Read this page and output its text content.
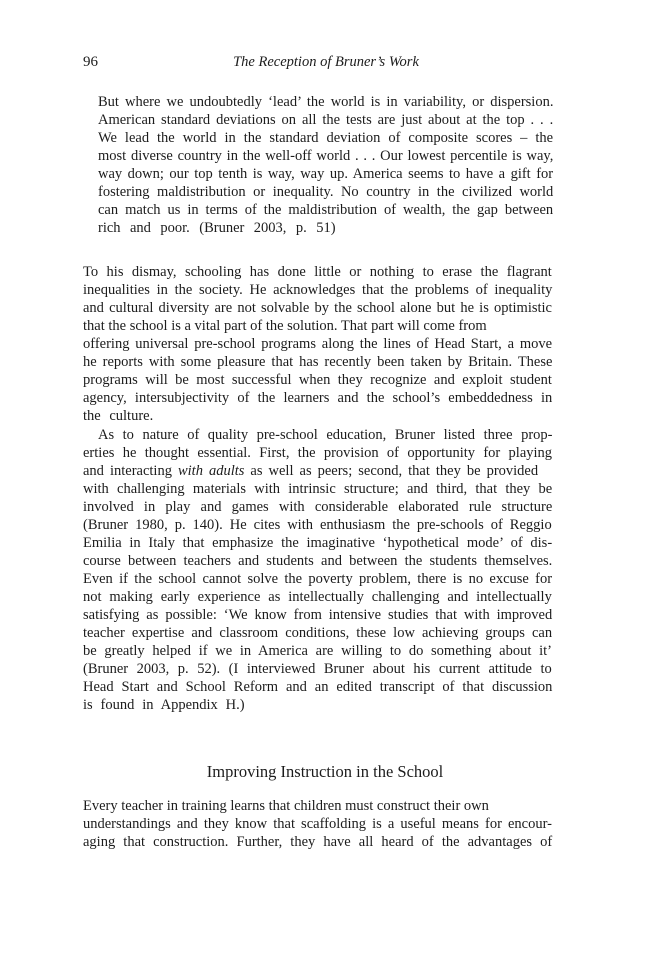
96	The Reception of Bruner’s Work
But where we undoubtedly ‘lead’ the world is in variability, or dispersion.
American standard deviations on all the tests are just about at the top . . .
We lead the world in the standard deviation of composite scores – the
most diverse country in the well-off world . . . Our lowest percentile is way,
way down; our top tenth is way, way up. America seems to have a gift for
fostering maldistribution or inequality. No country in the civilized world
can match us in terms of the maldistribution of wealth, the gap between
rich and poor. (Bruner 2003, p. 51)
To his dismay, schooling has done little or nothing to erase the flagrant
inequalities in the society. He acknowledges that the problems of inequality
and cultural diversity are not solvable by the school alone but he is optimistic
that the school is a vital part of the solution. That part will come from
offering universal pre-school programs along the lines of Head Start, a move
he reports with some pleasure that has recently been taken by Britain. These
programs will be most successful when they recognize and exploit student
agency, intersubjectivity of the learners and the school’s embeddedness in
the culture.
As to nature of quality pre-school education, Bruner listed three prop-
erties he thought essential. First, the provision of opportunity for playing
and interacting with adults as well as peers; second, that they be provided
with challenging materials with intrinsic structure; and third, that they be
involved in play and games with considerable elaborated rule structure
(Bruner 1980, p. 140). He cites with enthusiasm the pre-schools of Reggio
Emilia in Italy that emphasize the imaginative ‘hypothetical mode’ of dis-
course between teachers and students and between the students themselves.
Even if the school cannot solve the poverty problem, there is no excuse for
not making early experience as intellectually challenging and intellectually
satisfying as possible: ‘We know from intensive studies that with improved
teacher expertise and classroom conditions, these low achieving groups can
be greatly helped if we in America are willing to do something about it’
(Bruner 2003, p. 52). (I interviewed Bruner about his current attitude to
Head Start and School Reform and an edited transcript of that discussion
is found in Appendix H.)
Improving Instruction in the School
Every teacher in training learns that children must construct their own
understandings and they know that scaffolding is a useful means for encour-
aging that construction. Further, they have all heard of the advantages of
